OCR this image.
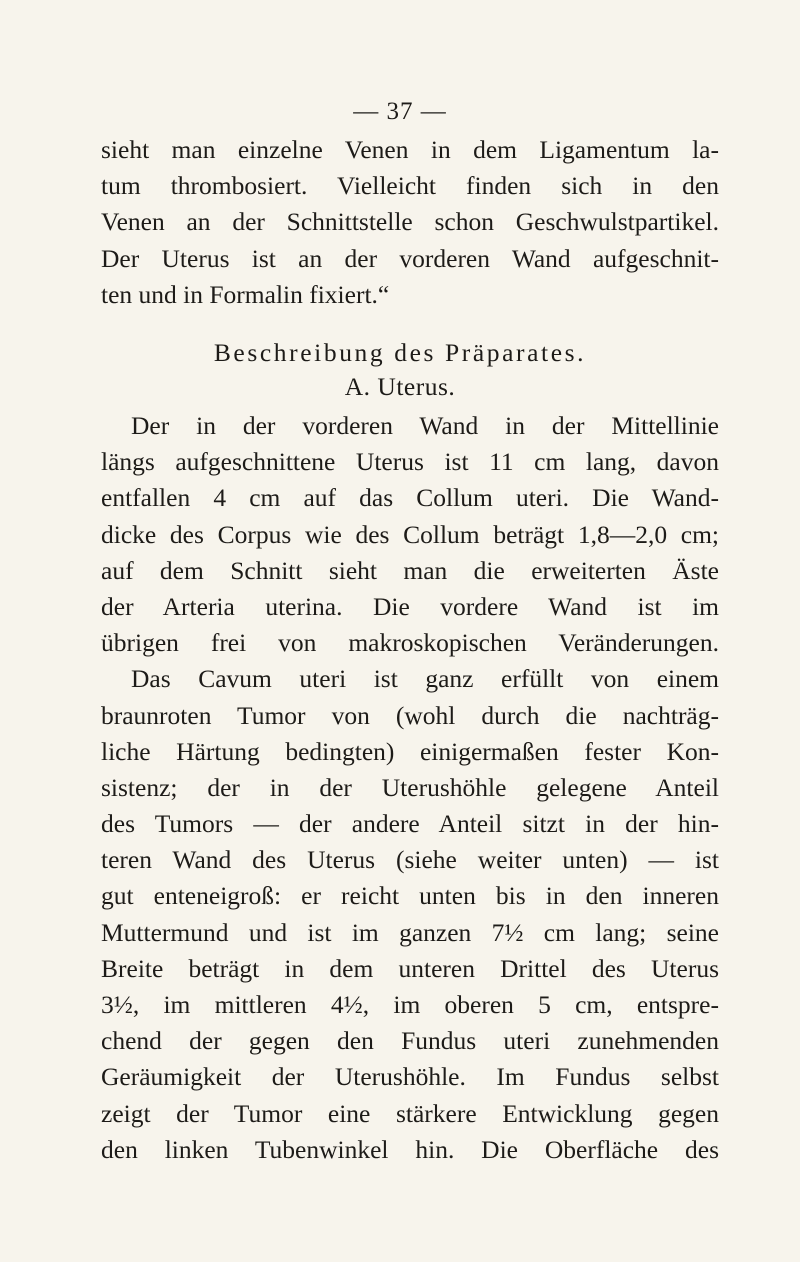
— 37 —
sieht man einzelne Venen in dem Ligamentum la-
tum thrombosiert. Vielleicht finden sich in den
Venen an der Schnittstelle schon Geschwulstpartikel.
Der Uterus ist an der vorderen Wand aufgeschnit-
ten und in Formalin fixiert.“
Beschreibung des Präparates.
A. Uterus.
Der in der vorderen Wand in der Mittellinie
längs aufgeschnittene Uterus ist 11 cm lang, davon
entfallen 4 cm auf das Collum uteri. Die Wand-
dicke des Corpus wie des Collum beträgt 1,8—2,0 cm;
auf dem Schnitt sieht man die erweiterten Äste
der Arteria uterina. Die vordere Wand ist im
übrigen frei von makroskopischen Veränderungen.
Das Cavum uteri ist ganz erfüllt von einem
braunroten Tumor von (wohl durch die nachträg-
liche Härtung bedingten) einigermaßen fester Kon-
sistenz; der in der Uterushöhle gelegene Anteil
des Tumors — der andere Anteil sitzt in der hin-
teren Wand des Uterus (siehe weiter unten) — ist
gut enteneigroß: er reicht unten bis in den inneren
Muttermund und ist im ganzen 7½ cm lang; seine
Breite beträgt in dem unteren Drittel des Uterus
3½, im mittleren 4½, im oberen 5 cm, entspre-
chend der gegen den Fundus uteri zunehmenden
Geräumigkeit der Uterushöhle. Im Fundus selbst
zeigt der Tumor eine stärkere Entwicklung gegen
den linken Tubenwinkel hin. Die Oberfläche des
